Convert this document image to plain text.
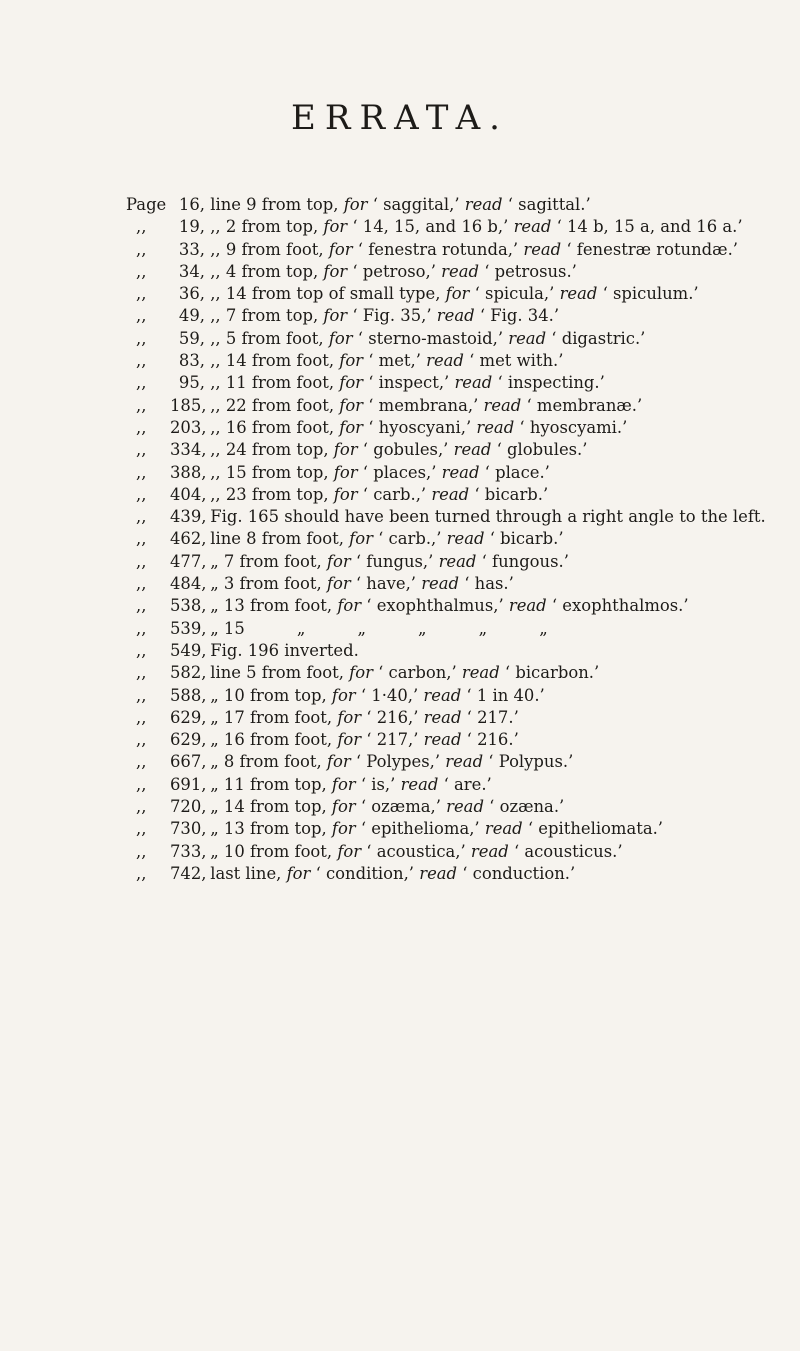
ERRATA.
Page 16, line 9 from top, for ‘ saggital,’ read ‘ sagittal.’
,, 19, ,, 2 from top, for ‘ 14, 15, and 16 b,’ read ‘ 14 b, 15 a, and 16 a.’
,, 33, ,, 9 from foot, for ‘ fenestra rotunda,’ read ‘ fenestræ rotundæ.’
,, 34, ,, 4 from top, for ‘ petroso,’ read ‘ petrosus.’
,, 36, ,, 14 from top of small type, for ‘ spicula,’ read ‘ spiculum.’
,, 49, ,, 7 from top, for ‘ Fig. 35,’ read ‘ Fig. 34.’
,, 59, ,, 5 from foot, for ‘ sterno-mastoid,’ read ‘ digastric.’
,, 83, ,, 14 from foot, for ‘ met,’ read ‘ met with.’
,, 95, ,, 11 from foot, for ‘ inspect,’ read ‘ inspecting.’
,, 185, ,, 22 from foot, for ‘ membrana,’ read ‘ membranæ.’
,, 203, ,, 16 from foot, for ‘ hyoscyani,’ read ‘ hyoscyami.’
,, 334, ,, 24 from top, for ‘ gobules,’ read ‘ globules.’
,, 388, ,, 15 from top, for ‘ places,’ read ‘ place.’
,, 404, ,, 23 from top, for ‘ carb.,’ read ‘ bicarb.’
,, 439, Fig. 165 should have been turned through a right angle to the left.
,, 462, line 8 from foot, for ‘ carb.,’ read ‘ bicarb.’
,, 477, „ 7 from foot, for ‘ fungus,’ read ‘ fungous.’
,, 484, „ 3 from foot, for ‘ have,’ read ‘ has.’
,, 538, „ 13 from foot, for ‘ exophthalmus,’ read ‘ exophthalmos.’
,, 539, „ 15          „          „          „          „          „
,, 549, Fig. 196 inverted.
,, 582, line 5 from foot, for ‘ carbon,’ read ‘ bicarbon.’
,, 588, „ 10 from top, for ‘ 1·40,’ read ‘ 1 in 40.’
,, 629, „ 17 from foot, for ‘ 216,’ read ‘ 217.’
,, 629, „ 16 from foot, for ‘ 217,’ read ‘ 216.’
,, 667, „ 8 from foot, for ‘ Polypes,’ read ‘ Polypus.’
,, 691, „ 11 from top, for ‘ is,’ read ‘ are.’
,, 720, „ 14 from top, for ‘ ozæma,’ read ‘ ozæna.’
,, 730, „ 13 from top, for ‘ epithelioma,’ read ‘ epitheliomata.’
,, 733, „ 10 from foot, for ‘ acoustica,’ read ‘ acousticus.’
,, 742, last line, for ‘ condition,’ read ‘ conduction.’
